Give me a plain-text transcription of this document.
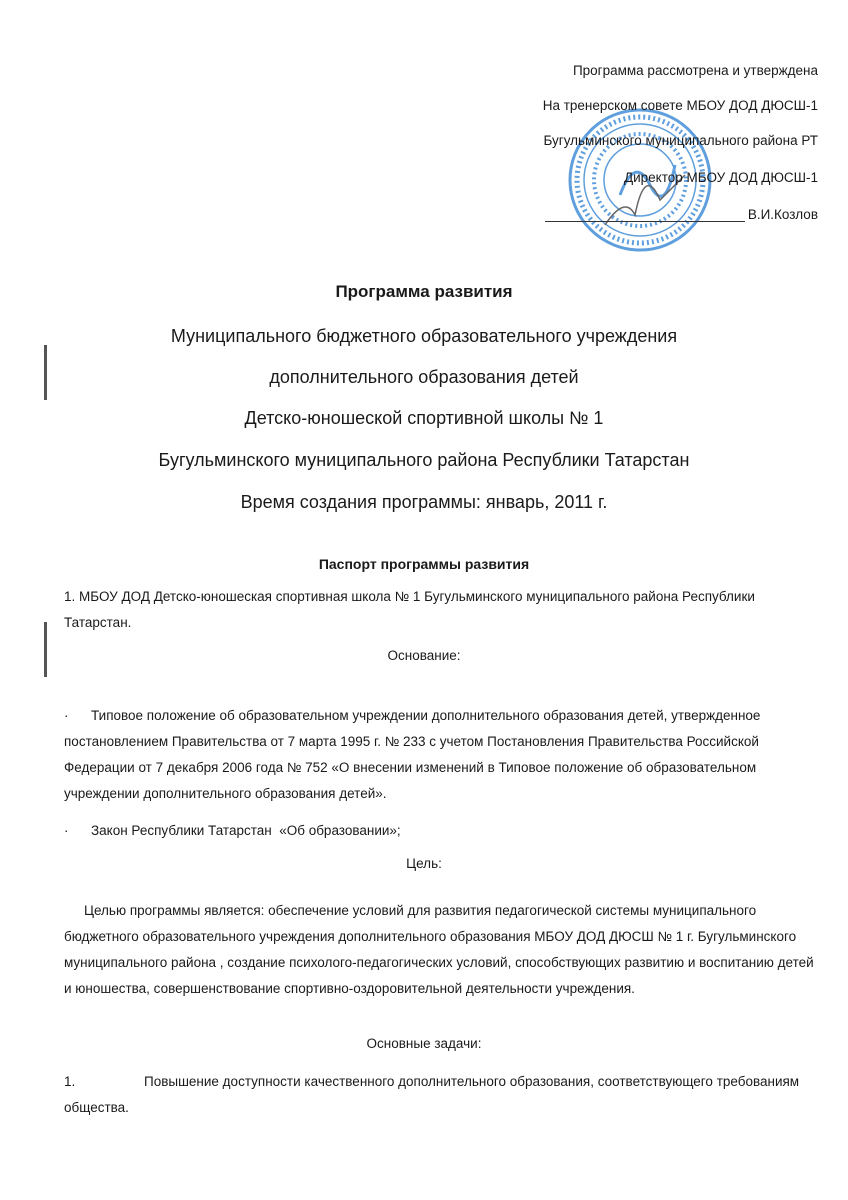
Программа рассмотрена и утверждена
На тренерском совете МБОУ ДОД ДЮСШ-1
Бугульминского муниципального района РТ
Директор МБОУ ДОД ДЮСШ-1
В.И.Козлов
Программа развития
Муниципального бюджетного образовательного учреждения
дополнительного образования детей
Детско-юношеской спортивной школы № 1
Бугульминского муниципального района Республики Татарстан
Время создания программы: январь, 2011 г.
Паспорт программы развития
1. МБОУ ДОД Детско-юношеская спортивная школа № 1 Бугульминского муниципального района Республики Татарстан.
Основание:
·      Типовое положение об образовательном учреждении дополнительного образования детей, утвержденное постановлением Правительства от 7 марта 1995 г. № 233 с учетом Постановления Правительства Российской Федерации от 7 декабря 2006 года № 752 «О внесении изменений в Типовое положение об образовательном учреждении дополнительного образования детей».
·      Закон Республики Татарстан  «Об образовании»;
Цель:
Целью программы является: обеспечение условий для развития педагогической системы муниципального бюджетного образовательного учреждения дополнительного образования МБОУ ДОД ДЮСШ № 1 г. Бугульминского муниципального района , создание психолого-педагогических условий, способствующих развитию и воспитанию детей и юношества, совершенствование спортивно-оздоровительной деятельности учреждения.
Основные задачи:
1.	Повышение доступности качественного дополнительного образования, соответствующего требованиям общества.
